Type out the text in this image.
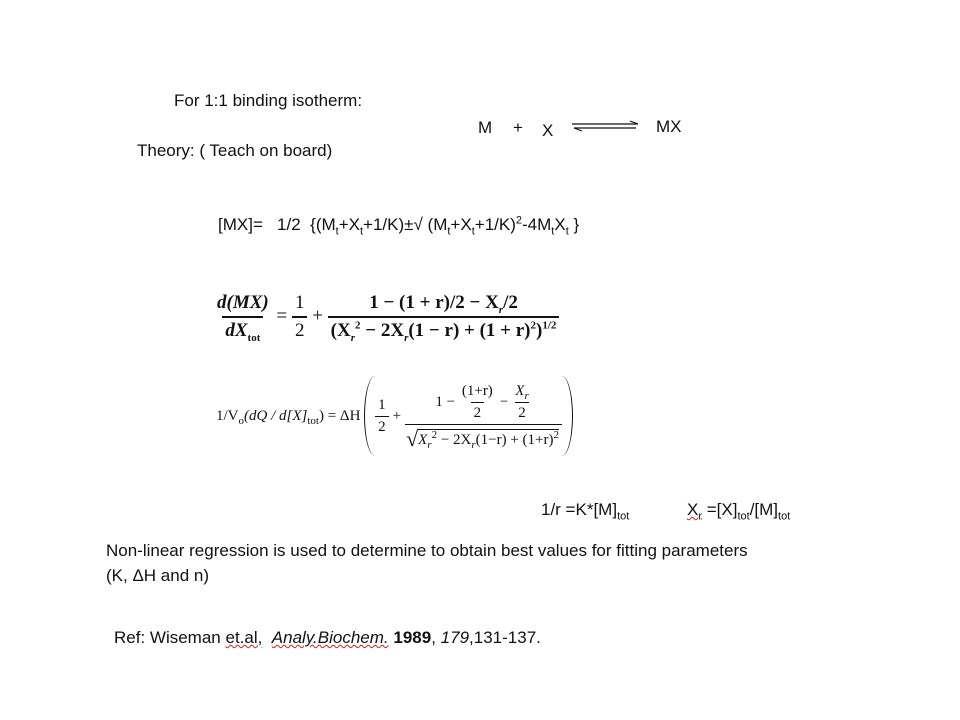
For 1:1 binding isotherm:
M + X	MX
Theory: ( Teach on board)
[MX]= 1/2 {$(M_t+X_t+1/K)\pm√$ $(M_t+X_t+1/K)^2-4M_tX_t$ }
$\frac{d(MX)}{dX_{tot}} = \frac{1}{2} + \frac{1 - (1 + r)/2 - X_r/2}{(X_r^2 - 2X_r(1 - r) + (1 + r)^2)^{1/2}}$
$1/V_o(dQ / d[X]_{tot}) = \Delta H \frac{1}{2}$ +
1 −
$\frac{(1+r)}{2} - \frac{X_r}{2}$
√ $X_r^2 - 2X_r(1-r) + (1+r)^2$
$1/r =K*[M]_{tot}$	$X_r =[X]_{tot}/[M]_{tot}$
Non-linear regression is used to determine to obtain best values for fitting parameters
(K, ΔH and n)
Ref: Wiseman et.al, Analy.Biochem. 1989, 179,131-137.
